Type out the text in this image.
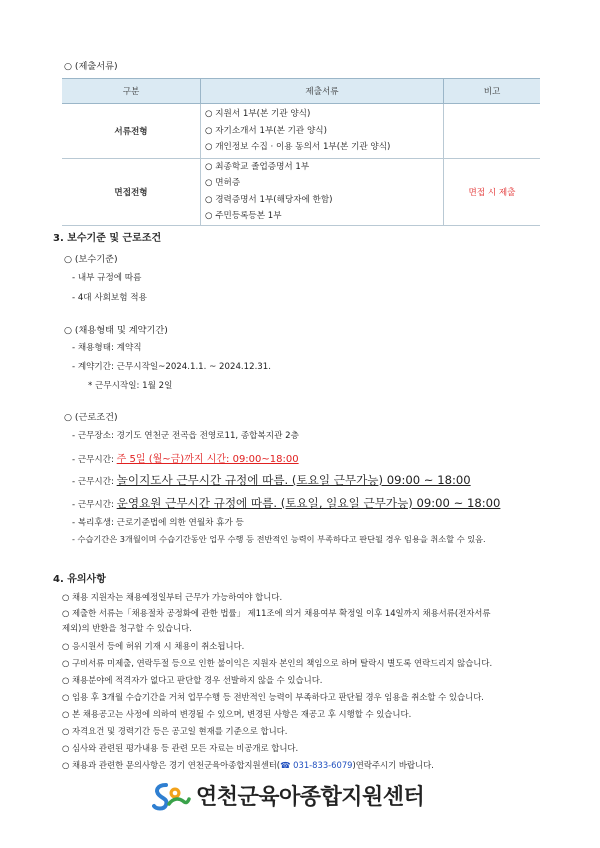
○ (제출서류)
구분	제출서류	비고
서류전형	○ 지원서 1부(본 기관 양식)
○ 자기소개서 1부(본 기관 양식)
○ 개인정보 수집 · 이용 동의서 1부(본 기관 양식)	

면접전형	○ 최종학교 졸업증명서 1부
○ 면허증
○ 경력증명서 1부(해당자에 한함)
○ 주민등록등본 1부	면접 시 제출
3. 보수기준 및 근로조건
○ (보수기준)
- 내부 규정에 따름
- 4대 사회보험 적용
○ (채용형태 및 계약기간)
- 채용형태: 계약직
- 계약기간: 근무시작일~2024.1.1. ~ 2024.12.31.
* 근무시작일: 1월 2일
○ (근로조건)
- 근무장소: 경기도 연천군 전곡읍 전영로11, 종합복지관 2층
- 근무시간: 주 5일 (월~금)까지 시간: 09:00~18:00
- 근무시간: 놀이지도사 근무시간 규정에 따름. (토요일 근무가능) 09:00 ~ 18:00
- 근무시간: 운영요원 근무시간 규정에 따름. (토요일, 일요일 근무가능) 09:00 ~ 18:00
- 복리후생: 근로기준법에 의한 연월차 휴가 등
- 수습기간은 3개월이며 수습기간동안 업무 수행 등 전반적인 능력이 부족하다고 판단될 경우 임용을 취소할 수 있음.
4. 유의사항
○ 채용 지원자는 채용예정일부터 근무가 가능하여야 합니다.
○ 제출한 서류는「채용절차 공정화에 관한 법률」 제11조에 의거 채용여부 확정일 이후 14일까지 채용서류(전자서류
제외)의 반환을 청구할 수 있습니다.
○ 응시원서 등에 허위 기재 시 채용이 취소됩니다.
○ 구비서류 미제출, 연락두절 등으로 인한 불이익은 지원자 본인의 책임으로 하며 탈락시 별도록 연락드리지 않습니다.
○ 채용분야에 적격자가 없다고 판단할 경우 선발하지 않을 수 있습니다.
○ 임용 후 3개월 수습기간을 거쳐 업무수행 등 전반적인 능력이 부족하다고 판단될 경우 임용을 취소할 수 있습니다.
○ 본 채용공고는 사정에 의하여 변경될 수 있으며, 변경된 사항은 재공고 후 시행할 수 있습니다.
○ 자격요건 및 경력기간 등은 공고일 현재를 기준으로 합니다.
○ 심사와 관련된 평가내용 등 관련 모든 자료는 비공개로 합니다.
○ 채용과 관련한 문의사항은 경기 연천군육아종합지원센터(☎ 031-833-6079)연락주시기 바랍니다.
연천군육아종합지원센터
